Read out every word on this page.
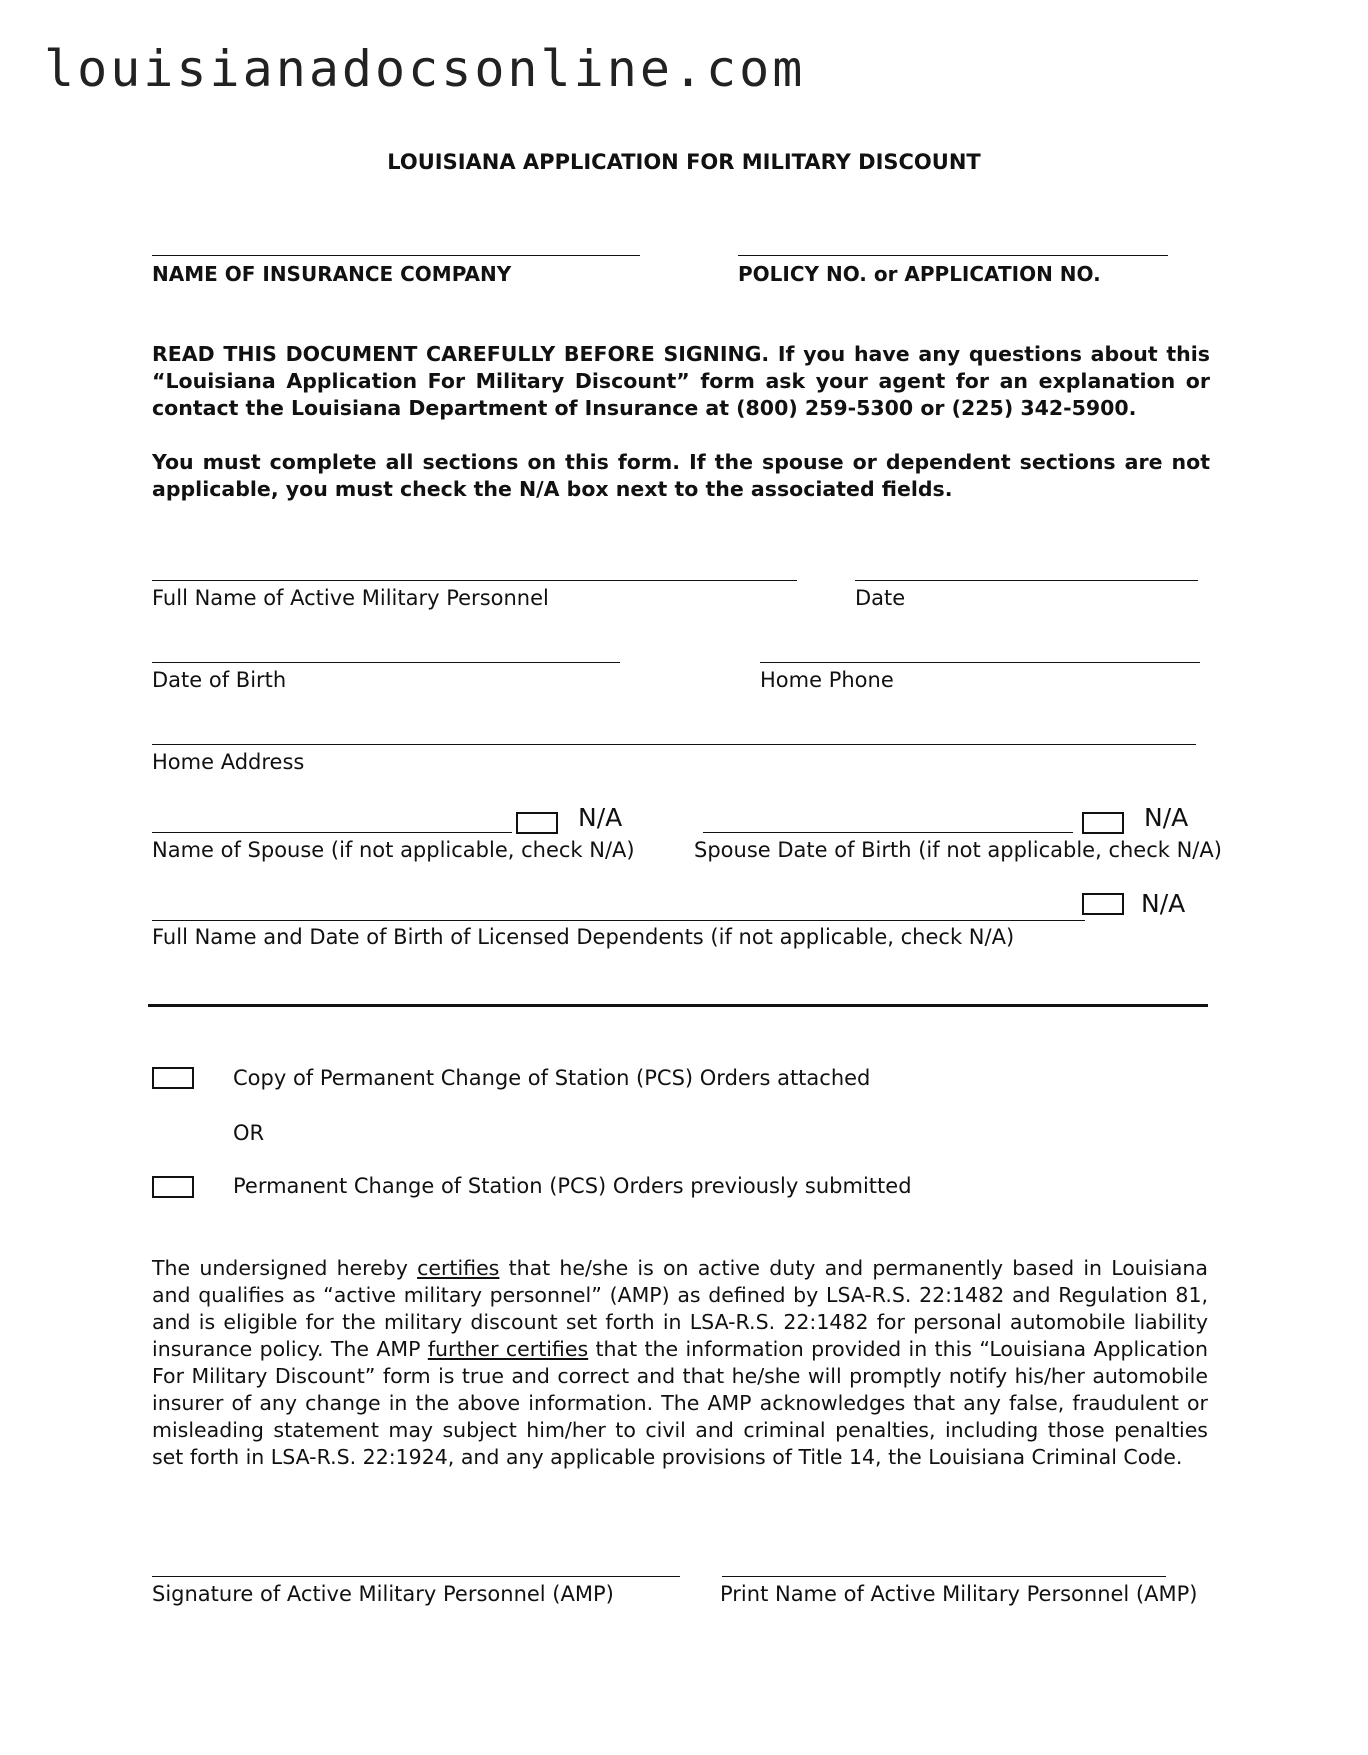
louisianadocsonline.com
LOUISIANA APPLICATION FOR MILITARY DISCOUNT
NAME OF INSURANCE COMPANY	POLICY NO. or APPLICATION NO.
READ THIS DOCUMENT CAREFULLY BEFORE SIGNING. If you have any questions about this “Louisiana Application For Military Discount” form ask your agent for an explanation or contact the Louisiana Department of Insurance at (800) 259-5300 or (225) 342-5900.
You must complete all sections on this form. If the spouse or dependent sections are not applicable, you must check the N/A box next to the associated fields.
Full Name of Active Military Personnel	Date
Date of Birth	Home Phone
Home Address
N/A
Name of Spouse (if not applicable, check N/A)
N/A
Spouse Date of Birth (if not applicable, check N/A)
N/A
Full Name and Date of Birth of Licensed Dependents (if not applicable, check N/A)
Copy of Permanent Change of Station (PCS) Orders attached
OR
Permanent Change of Station (PCS) Orders previously submitted
The undersigned hereby certifies that he/she is on active duty and permanently based in Louisiana and qualifies as “active military personnel” (AMP) as defined by LSA-R.S. 22:1482 and Regulation 81, and is eligible for the military discount set forth in LSA-R.S. 22:1482 for personal automobile liability insurance policy. The AMP further certifies that the information provided in this “Louisiana Application For Military Discount” form is true and correct and that he/she will promptly notify his/her automobile insurer of any change in the above information. The AMP acknowledges that any false, fraudulent or misleading statement may subject him/her to civil and criminal penalties, including those penalties set forth in LSA-R.S. 22:1924, and any applicable provisions of Title 14, the Louisiana Criminal Code.
Signature of Active Military Personnel (AMP)	Print Name of Active Military Personnel (AMP)
